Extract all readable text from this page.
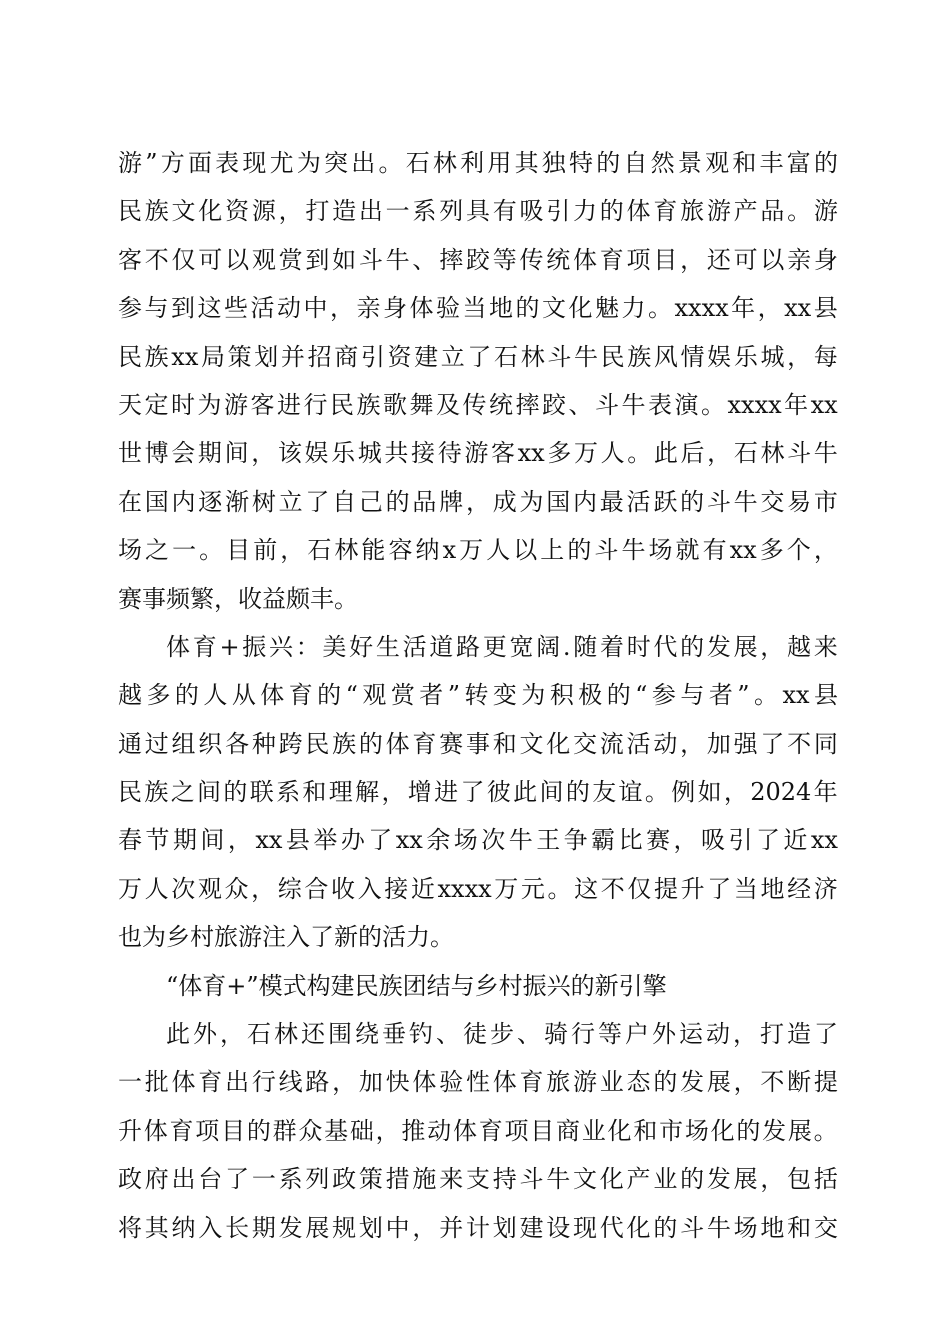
游 ” 方 面 表 现 尤 为 突 出 。 石 林 利 用 其 独 特 的 自 然 景 观 和 丰 富 的
民 族 文 化 资 源 ， 打 造 出 一 系 列 具 有 吸 引 力 的 体 育 旅 游 产 品 。 游
客 不 仅 可 以 观 赏 到 如 斗 牛 、 摔 跤 等 传 统 体 育 项 目 ， 还 可 以 亲 身
参 与 到 这 些 活 动 中 ， 亲 身 体 验 当 地 的 文 化 魅 力 。 xxxx 年 ， xx 县
民 族 xx 局 策 划 并 招 商 引 资 建 立 了 石 林 斗 牛 民 族 风 情 娱 乐 城 ， 每
天 定 时 为 游 客 进 行 民 族 歌 舞 及 传 统 摔 跤 、 斗 牛 表 演 。 xxxx 年 xx
世 博 会 期 间 ， 该 娱 乐 城 共 接 待 游 客 xx 多 万 人 。 此 后 ， 石 林 斗 牛
在 国 内 逐 渐 树 立 了 自 己 的 品 牌 ， 成 为 国 内 最 活 跃 的 斗 牛 交 易 市
场 之 一 。 目 前 ， 石 林 能 容 纳 x 万 人 以 上 的 斗 牛 场 就 有 xx 多 个 ，
赛事频繁，收益颇丰。
体 育 + 振 兴 ： 美 好 生 活 道 路 更 宽 阔 . 随 着 时 代 的 发 展 ， 越 来
越 多 的 人 从 体 育 的 “ 观 赏 者 ” 转 变 为 积 极 的 “ 参 与 者 ” 。 xx 县
通 过 组 织 各 种 跨 民 族 的 体 育 赛 事 和 文 化 交 流 活 动 ， 加 强 了 不 同
民 族 之 间 的 联 系 和 理 解 ， 增 进 了 彼 此 间 的 友 谊 。 例 如 ， 2024 年
春 节 期 间 ， xx 县 举 办 了 xx 余 场 次 牛 王 争 霸 比 赛 ， 吸 引 了 近 xx
万 人 次 观 众 ， 综 合 收 入 接 近 xxxx 万 元 。 这 不 仅 提 升 了 当 地 经 济
也为乡村旅游注入了新的活力。
“体育+”模式构建民族团结与乡村振兴的新引擎
此 外 ， 石 林 还 围 绕 垂 钓 、 徒 步 、 骑 行 等 户 外 运 动 ， 打 造 了
一 批 体 育 出 行 线 路 ， 加 快 体 验 性 体 育 旅 游 业 态 的 发 展 ， 不 断 提
升 体 育 项 目 的 群 众 基 础 ， 推 动 体 育 项 目 商 业 化 和 市 场 化 的 发 展 。
政 府 出 台 了 一 系 列 政 策 措 施 来 支 持 斗 牛 文 化 产 业 的 发 展 ， 包 括
将 其 纳 入 长 期 发 展 规 划 中 ， 并 计 划 建 设 现 代 化 的 斗 牛 场 地 和 交
